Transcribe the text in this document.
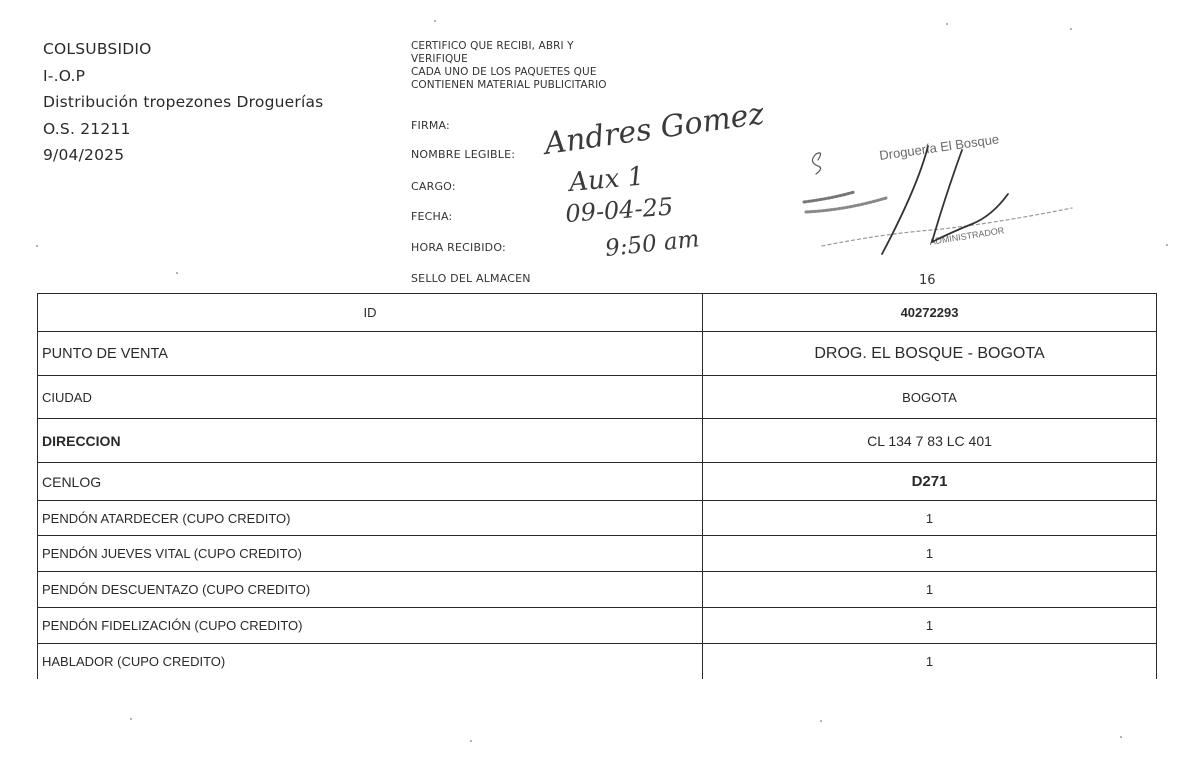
COLSUBSIDIO
I-.O.P
Distribución tropezones Droguerías
O.S. 21211
9/04/2025
CERTIFICO QUE RECIBI, ABRI Y
VERIFIQUE
CADA UNO DE LOS PAQUETES QUE
CONTIENEN MATERIAL PUBLICITARIO
FIRMA:
NOMBRE LEGIBLE:
CARGO:
FECHA:
HORA RECIBIDO:
SELLO DEL ALMACEN
Andres Gomez
Aux 1
09-04-25
9:50 am
Droguería El Bosque
ADMINISTRADOR
16
ID	40272293
PUNTO DE VENTA	DROG. EL BOSQUE - BOGOTA
CIUDAD	BOGOTA
DIRECCION	CL 134 7 83 LC 401
CENLOG	D271
PENDÓN ATARDECER (CUPO CREDITO)	1
PENDÓN JUEVES VITAL (CUPO CREDITO)	1
PENDÓN DESCUENTAZO (CUPO CREDITO)	1
PENDÓN FIDELIZACIÓN (CUPO CREDITO)	1
HABLADOR (CUPO CREDITO)	1
